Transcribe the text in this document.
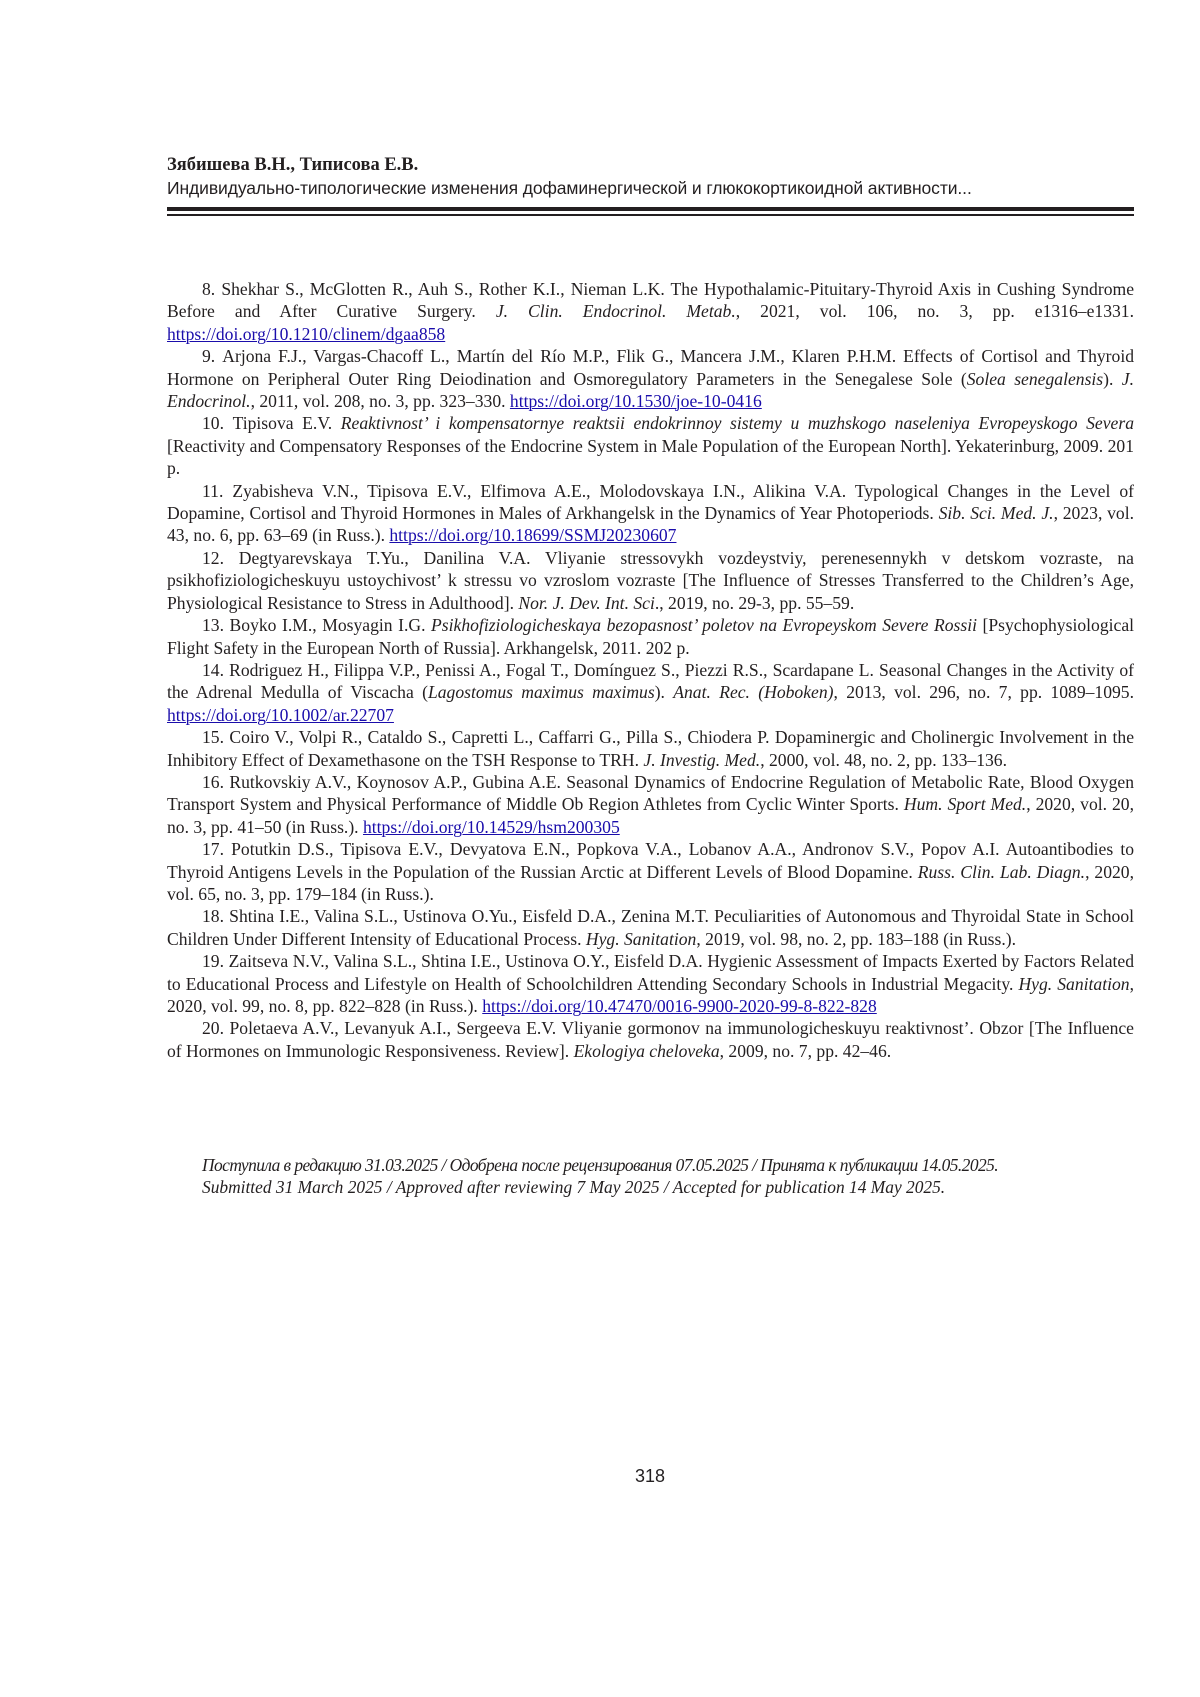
Зябишева В.Н., Типисова Е.В.

Индивидуально-типологические изменения дофаминергической и глюкокортикоидной активности...

8. Shekhar S., McGlotten R., Auh S., Rother K.I., Nieman L.K. The Hypothalamic-Pituitary-Thyroid Axis in Cushing Syndrome Before and After Curative Surgery. J. Clin. Endocrinol. Metab., 2021, vol. 106, no. 3, pp. e1316–e1331. https://doi.org/10.1210/clinem/dgaa858

9. Arjona F.J., Vargas-Chacoff L., Martín del Río M.P., Flik G., Mancera J.M., Klaren P.H.M. Effects of Cortisol and Thyroid Hormone on Peripheral Outer Ring Deiodination and Osmoregulatory Parameters in the Senegalese Sole (Solea senegalensis). J. Endocrinol., 2011, vol. 208, no. 3, pp. 323–330. https://doi.org/10.1530/joe-10-0416

10. Tipisova E.V. Reaktivnost’ i kompensatornye reaktsii endokrinnoy sistemy u muzhskogo naseleniya Evropeyskogo Severa [Reactivity and Compensatory Responses of the Endocrine System in Male Population of the European North]. Yekaterinburg, 2009. 201 p.

11. Zyabisheva V.N., Tipisova E.V., Elfimova A.E., Molodovskaya I.N., Alikina V.A. Typological Changes in the Level of Dopamine, Cortisol and Thyroid Hormones in Males of Arkhangelsk in the Dynamics of Year Photoperiods. Sib. Sci. Med. J., 2023, vol. 43, no. 6, pp. 63–69 (in Russ.). https://doi.org/10.18699/SSMJ20230607

12. Degtyarevskaya T.Yu., Danilina V.A. Vliyanie stressovykh vozdeystviy, perenesennykh v detskom vozraste, na psikhofiziologicheskuyu ustoychivost’ k stressu vo vzroslom vozraste [The Influence of Stresses Transferred to the Children’s Age, Physiological Resistance to Stress in Adulthood]. Nor. J. Dev. Int. Sci., 2019, no. 29-3, pp. 55–59.

13. Boyko I.M., Mosyagin I.G. Psikhofiziologicheskaya bezopasnost’ poletov na Evropeyskom Severe Rossii [Psychophysiological Flight Safety in the European North of Russia]. Arkhangelsk, 2011. 202 p.

14. Rodriguez H., Filippa V.P., Penissi A., Fogal T., Domínguez S., Piezzi R.S., Scardapane L. Seasonal Changes in the Activity of the Adrenal Medulla of Viscacha (Lagostomus maximus maximus). Anat. Rec. (Hoboken), 2013, vol. 296, no. 7, pp. 1089–1095. https://doi.org/10.1002/ar.22707

15. Coiro V., Volpi R., Cataldo S., Capretti L., Caffarri G., Pilla S., Chiodera P. Dopaminergic and Cholinergic Involvement in the Inhibitory Effect of Dexamethasone on the TSH Response to TRH. J. Investig. Med., 2000, vol. 48, no. 2, pp. 133–136.

16. Rutkovskiy A.V., Koynosov A.P., Gubina A.E. Seasonal Dynamics of Endocrine Regulation of Metabolic Rate, Blood Oxygen Transport System and Physical Performance of Middle Ob Region Athletes from Cyclic Winter Sports. Hum. Sport Med., 2020, vol. 20, no. 3, pp. 41–50 (in Russ.). https://doi.org/10.14529/hsm200305

17. Potutkin D.S., Tipisova E.V., Devyatova E.N., Popkova V.A., Lobanov A.A., Andronov S.V., Popov A.I. Autoantibodies to Thyroid Antigens Levels in the Population of the Russian Arctic at Different Levels of Blood Dopamine. Russ. Clin. Lab. Diagn., 2020, vol. 65, no. 3, pp. 179–184 (in Russ.).

18. Shtina I.E., Valina S.L., Ustinova O.Yu., Eisfeld D.A., Zenina M.T. Peculiarities of Autonomous and Thyroidal State in School Children Under Different Intensity of Educational Process. Hyg. Sanitation, 2019, vol. 98, no. 2, pp. 183–188 (in Russ.).

19. Zaitseva N.V., Valina S.L., Shtina I.E., Ustinova O.Y., Eisfeld D.A. Hygienic Assessment of Impacts Exerted by Factors Related to Educational Process and Lifestyle on Health of Schoolchildren Attending Secondary Schools in Industrial Megacity. Hyg. Sanitation, 2020, vol. 99, no. 8, pp. 822–828 (in Russ.). https://doi.org/10.47470/0016-9900-2020-99-8-822-828

20. Poletaeva A.V., Levanyuk A.I., Sergeeva E.V. Vliyanie gormonov na immunologicheskuyu reaktivnost’. Obzor [The Influence of Hormones on Immunologic Responsiveness. Review]. Ekologiya cheloveka, 2009, no. 7, pp. 42–46.

Поступила в редакцию 31.03.2025 / Одобрена после рецензирования 07.05.2025 / Принята к публикации 14.05.2025.

Submitted 31 March 2025 / Approved after reviewing 7 May 2025 / Accepted for publication 14 May 2025.

318
